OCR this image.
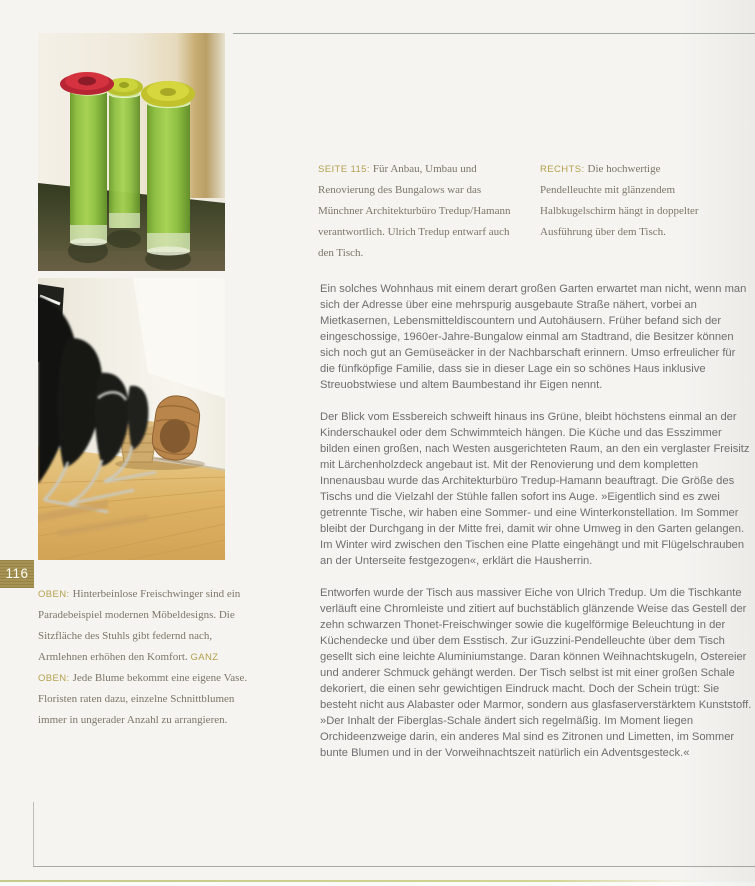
116
SEITE 115: Für Anbau, Umbau und Renovierung des Bungalows war das Münchner Architekturbüro Tredup/Hamann verantwortlich. Ulrich Tredup entwarf auch den Tisch.
RECHTS: Die hochwertige Pendelleuchte mit glänzendem Halbkugelschirm hängt in doppelter Ausführung über dem Tisch.

Ein solches Wohnhaus mit einem derart großen Garten erwartet man nicht, wenn man sich der Adresse über eine mehrspurig ausgebaute Straße nähert, vorbei an Mietkasernen, Lebensmitteldiscountern und Autohäusern. Früher befand sich der eingeschossige, 1960er-Jahre-Bungalow einmal am Stadtrand, die Besitzer können sich noch gut an Gemüseäcker in der Nachbarschaft erinnern. Umso erfreulicher für die fünfköpfige Familie, dass sie in dieser Lage ein so schönes Haus inklusive Streuobstwiese und altem Baumbestand ihr Eigen nennt.

Der Blick vom Essbereich schweift hinaus ins Grüne, bleibt höchstens einmal an der Kinderschaukel oder dem Schwimmteich hängen. Die Küche und das Esszimmer bilden einen großen, nach Westen ausgerichteten Raum, an den ein verglaster Freisitz mit Lärchenholzdeck angebaut ist. Mit der Renovierung und dem kompletten Innenausbau wurde das Architekturbüro Tredup-Hamann beauftragt. Die Größe des Tischs und die Vielzahl der Stühle fallen sofort ins Auge. »Eigentlich sind es zwei getrennte Tische, wir haben eine Sommer- und eine Winterkonstellation. Im Sommer bleibt der Durchgang in der Mitte frei, damit wir ohne Umweg in den Garten gelangen. Im Winter wird zwischen den Tischen eine Platte eingehängt und mit Flügelschrauben an der Unterseite festgezogen«, erklärt die Hausherrin.

Entworfen wurde der Tisch aus massiver Eiche von Ulrich Tredup. Um die Tischkante verläuft eine Chromleiste und zitiert auf buchstäblich glänzende Weise das Gestell der zehn schwarzen Thonet-Freischwinger sowie die kugelförmige Beleuchtung in der Küchendecke und über dem Esstisch. Zur iGuzzini-Pendelleuchte über dem Tisch gesellt sich eine leichte Aluminiumstange. Daran können Weihnachtskugeln, Ostereier und anderer Schmuck gehängt werden. Der Tisch selbst ist mit einer großen Schale dekoriert, die einen sehr gewichtigen Eindruck macht. Doch der Schein trügt: Sie besteht nicht aus Alabaster oder Marmor, sondern aus glasfaserverstärktem Kunststoff. »Der Inhalt der Fiberglas-Schale ändert sich regelmäßig. Im Moment liegen Orchideenzweige darin, ein anderes Mal sind es Zitronen und Limetten, im Sommer bunte Blumen und in der Vorweihnachtszeit natürlich ein Adventsgesteck.«

OBEN: Hinterbeinlose Freischwinger sind ein Paradebeispiel modernen Möbeldesigns. Die Sitzfläche des Stuhls gibt federnd nach, Armlehnen erhöhen den Komfort. GANZ OBEN: Jede Blume bekommt eine eigene Vase. Floristen raten dazu, einzelne Schnittblumen immer in ungerader Anzahl zu arrangieren.
